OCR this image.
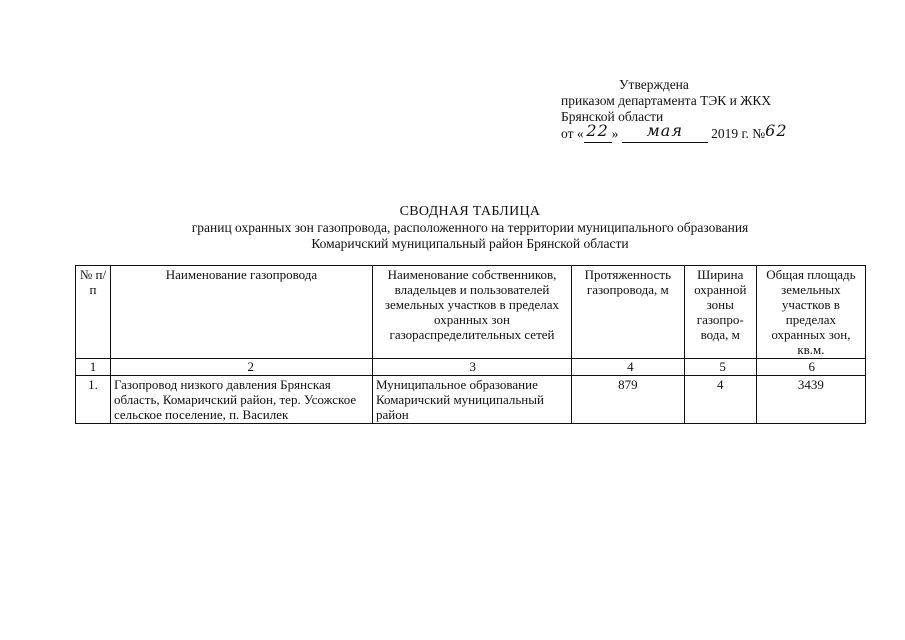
Утверждена
приказом департамента ТЭК и ЖКХ
Брянской области
от « 22 » мая 2019 г. №62
СВОДНАЯ ТАБЛИЦА
границ охранных зон газопровода, расположенного на территории муниципального образования
Комаричский муниципальный район Брянской области
№ п/п	Наименование газопровода	Наименование собственников, владельцев и пользователей земельных участков в пределах охранных зон газораспределительных сетей	Протяженность газопровода, м	Ширина охранной зоны газопро-вода, м	Общая площадь земельных участков в пределах охранных зон, кв.м.
1	2	3	4	5	6
1.	Газопровод низкого давления Брянская область, Комаричский район, тер. Усожское сельское поселение, п. Василек	Муниципальное образование Комаричский муниципальный район	879	4	3439
